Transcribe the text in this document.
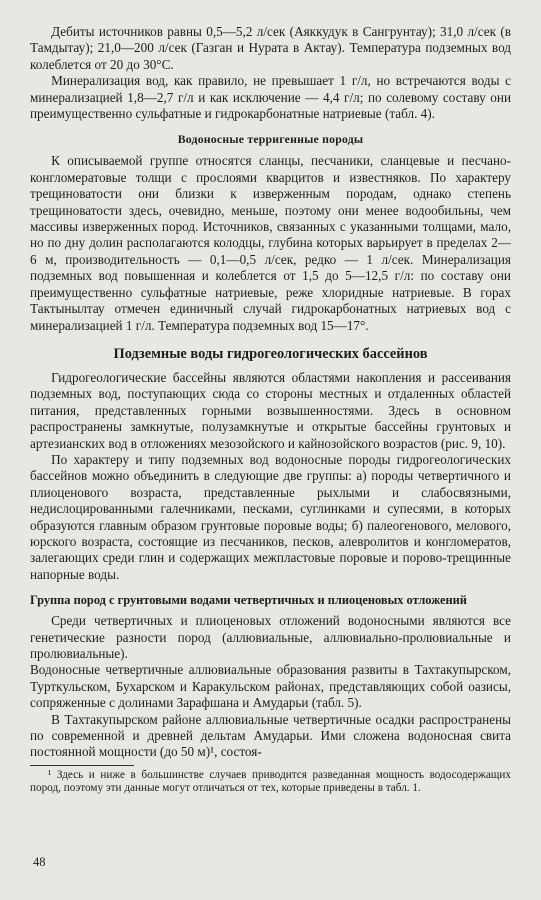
Дебиты источников равны 0,5—5,2 л/сек (Аяккудук в Сангрунтау); 31,0 л/сек (в Тамдытау); 21,0—200 л/сек (Газган и Нурата в Актау). Температура подземных вод колеблется от 20 до 30°С.

Минерализация вод, как правило, не превышает 1 г/л, но встречаются воды с минерализацией 1,8—2,7 г/л и как исключение — 4,4 г/л; по солевому составу они преимущественно сульфатные и гидрокарбонатные натриевые (табл. 4).

Водоносные терригенные породы

К описываемой группе относятся сланцы, песчаники, сланцевые и песчано- конгломератовые толщи с прослоями кварцитов и известняков. По характеру трещиноватости они близки к изверженным породам, однако степень трещиноватости здесь, очевидно, меньше, поэтому они менее водообильны, чем массивы изверженных пород. Источников, связанных с указанными толщами, мало, но по дну долин располагаются колодцы, глубина которых варьирует в пределах 2—6 м, производительность — 0,1—0,5 л/сек, редко — 1 л/сек. Минерализация подземных вод повышенная и колеблется от 1,5 до 5—12,5 г/л: по составу они преимущественно сульфатные натриевые, реже хлоридные натриевые. В горах Тактынылтау отмечен единичный случай гидрокарбонатных натриевых вод с минерализацией 1 г/л. Температура подземных вод 15—17°.

Подземные воды гидрогеологических бассейнов

Гидрогеологические бассейны являются областями накопления и рассеивания подземных вод, поступающих сюда со стороны местных и отдаленных областей питания, представленных горными возвышенностями. Здесь в основном распространены замкнутые, полузамкнутые и открытые бассейны грунтовых и артезианских вод в отложениях мезозойского и кайнозойского возрастов (рис. 9, 10).

По характеру и типу подземных вод водоносные породы гидрогеологических бассейнов можно объединить в следующие две группы: а) породы четвертичного и плиоценового возраста, представленные рыхлыми и слабосвязными, недислоцированными галечниками, песками, суглинками и супесями, в которых образуются главным образом грунтовые поровые воды; б) палеогенового, мелового, юрского возраста, состоящие из песчаников, песков, алевролитов и конгломератов, залегающих среди глин и содержащих межпластовые поровые и порово-трещинные напорные воды.

Группа пород с грунтовыми водами четвертичных и плиоценовых отложений

Среди четвертичных и плиоценовых отложений водоносными являются все генетические разности пород (аллювиальные, аллювиально-пролювиальные и пролювиальные).

Водоносные четвертичные аллювиальные образования развиты в Тахтакупырском, Турткульском, Бухарском и Каракульском районах, представляющих собой оазисы, сопряженные с долинами Зарафшана и Амударьи (табл. 5).

В Тахтакупырском районе аллювиальные четвертичные осадки распространены по современной и древней дельтам Амударьи. Ими сложена водоносная свита постоянной мощности (до 50 м)¹, состоя-

¹ Здесь и ниже в большинстве случаев приводится разведанная мощность водосодержащих пород, поэтому эти данные могут отличаться от тех, которые приведены в табл. 1.

48
